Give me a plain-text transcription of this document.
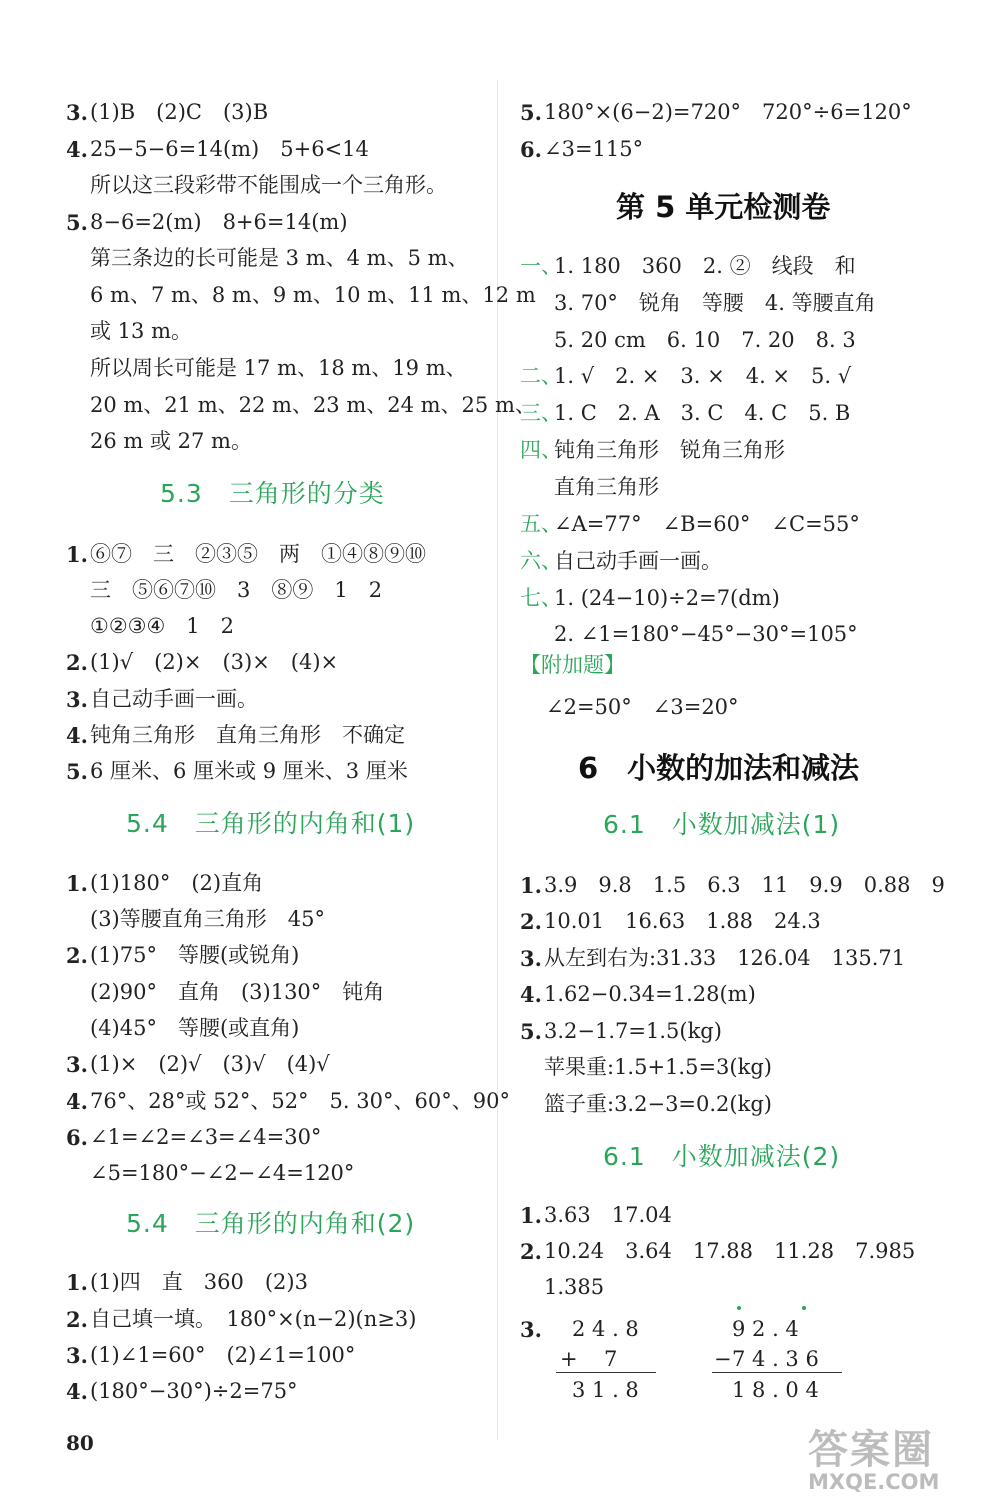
5.3　三角形的分类
5.4　三角形的内角和(1)
5.4　三角形的内角和(2)
80
第 5 单元检测卷
【附加题】
∠2=50°　∠3=20°
6　小数的加法和减法
6.1　小数加减法(1)
6.1　小数加减法(2)
3. 2 4 . 8
+ 7
3 1 . 8
9 2 . 4
− 7 4 . 3 6
1 8 . 0 4
答案圈
MXQE.COM
3. (1)B　(2)C　(3)B
4. 25−5−6=14(m)　5+6<14
所以这三段彩带不能围成一个三角形。
5. 8−6=2(m)　8+6=14(m)
第三条边的长可能是 3 m、4 m、5 m、
6 m、7 m、8 m、9 m、10 m、11 m、12 m
或 13 m。
所以周长可能是 17 m、18 m、19 m、
20 m、21 m、22 m、23 m、24 m、25 m、
26 m 或 27 m。
1. ⑥⑦　三　②③⑤　两　①④⑧⑨⑩
三　⑤⑥⑦⑩　3　⑧⑨　1　2
①②③④　1　2
2. (1)√　(2)×　(3)×　(4)×
3. 自己动手画一画。
4. 钝角三角形　直角三角形　不确定
5. 6 厘米、6 厘米或 9 厘米、3 厘米
1. (1)180°　(2)直角
(3)等腰直角三角形　45°
2. (1)75°　等腰(或锐角)
(2)90°　直角　(3)130°　钝角
(4)45°　等腰(或直角)
3. (1)×　(2)√　(3)√　(4)√
4. 76°、28°或 52°、52°　5. 30°、60°、90°
6. ∠1=∠2=∠3=∠4=30°
∠5=180°−∠2−∠4=120°
1. (1)四　直　360　(2)3
2. 自己填一填。　180°×(n−2)(n≥3)
3. (1)∠1=60°　(2)∠1=100°
4. (180°−30°)÷2=75°
5. 180°×(6−2)=720°　720°÷6=120°
6. ∠3=115°
一、
1. 180　360　2. ②　线段　和
3. 70°　锐角　等腰　4. 等腰直角
5. 20 cm　6. 10　7. 20　8. 3
二、
1. √　2. ×　3. ×　4. ×　5. √
三、
1. C　2. A　3. C　4. C　5. B
四、
钝角三角形　锐角三角形
直角三角形
五、
∠A=77°　∠B=60°　∠C=55°
六、
自己动手画一画。
七、
1. (24−10)÷2=7(dm)
2. ∠1=180°−45°−30°=105°
1. 3.9　9.8　1.5　6.3　11　9.9　0.88　9
2. 10.01　16.63　1.88　24.3
3. 从左到右为:31.33　126.04　135.71
4. 1.62−0.34=1.28(m)
5. 3.2−1.7=1.5(kg)
苹果重:1.5+1.5=3(kg)
篮子重:3.2−3=0.2(kg)
1. 3.63　17.04
2. 10.24　3.64　17.88　11.28　7.985
1.385
